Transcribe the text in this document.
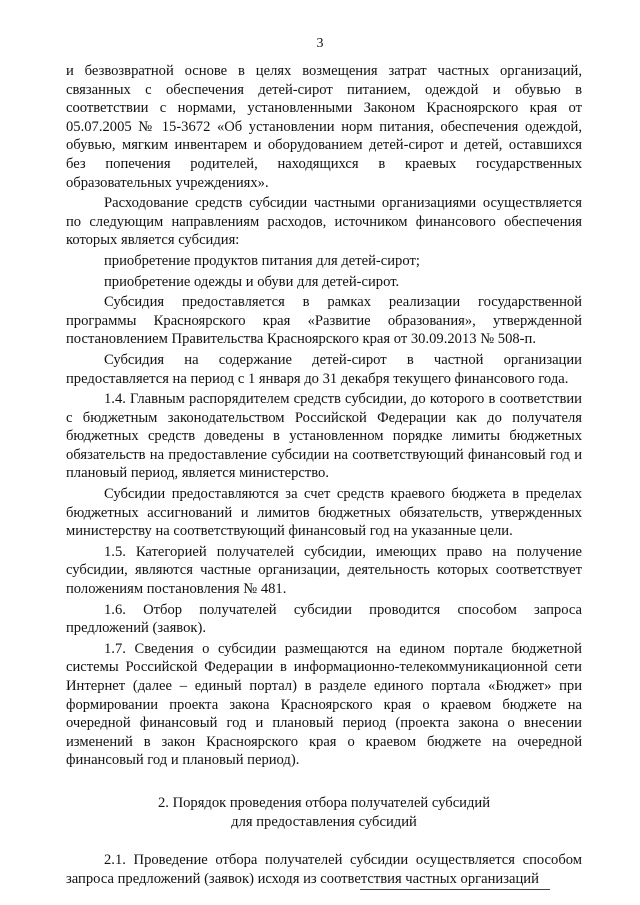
3

и безвозвратной основе в целях возмещения затрат частных организаций, связанных с обеспечения детей-сирот питанием, одеждой и обувью в соответствии с нормами, установленными Законом Красноярского края от 05.07.2005 № 15-3672 «Об установлении норм питания, обеспечения одеждой, обувью, мягким инвентарем и оборудованием детей-сирот и детей, оставшихся без попечения родителей, находящихся в краевых государственных образовательных учреждениях».

Расходование средств субсидии частными организациями осуществляется по следующим направлениям расходов, источником финансового обеспечения которых является субсидия:

приобретение продуктов питания для детей-сирот;

приобретение одежды и обуви для детей-сирот.

Субсидия предоставляется в рамках реализации государственной программы Красноярского края «Развитие образования», утвержденной постановлением Правительства Красноярского края от 30.09.2013 № 508-п.

Субсидия на содержание детей-сирот в частной организации предоставляется на период с 1 января до 31 декабря текущего финансового года.

1.4. Главным распорядителем средств субсидии, до которого в соответствии с бюджетным законодательством Российской Федерации как до получателя бюджетных средств доведены в установленном порядке лимиты бюджетных обязательств на предоставление субсидии на соответствующий финансовый год и плановый период, является министерство.

Субсидии предоставляются за счет средств краевого бюджета в пределах бюджетных ассигнований и лимитов бюджетных обязательств, утвержденных министерству на соответствующий финансовый год на указанные цели.

1.5. Категорией получателей субсидии, имеющих право на получение субсидии, являются частные организации, деятельность которых соответствует положениям постановления № 481.

1.6. Отбор получателей субсидии проводится способом запроса предложений (заявок).

1.7. Сведения о субсидии размещаются на едином портале бюджетной системы Российской Федерации в информационно-телекоммуникационной сети Интернет (далее – единый портал) в разделе единого портала «Бюджет» при формировании проекта закона Красноярского края о краевом бюджете на очередной финансовый год и плановый период (проекта закона о внесении изменений в закон Красноярского края о краевом бюджете на очередной финансовый год и плановый период).

2. Порядок проведения отбора получателей субсидий
для предоставления субсидий

2.1. Проведение отбора получателей субсидии осуществляется способом запроса предложений (заявок) исходя из соответствия частных организаций
